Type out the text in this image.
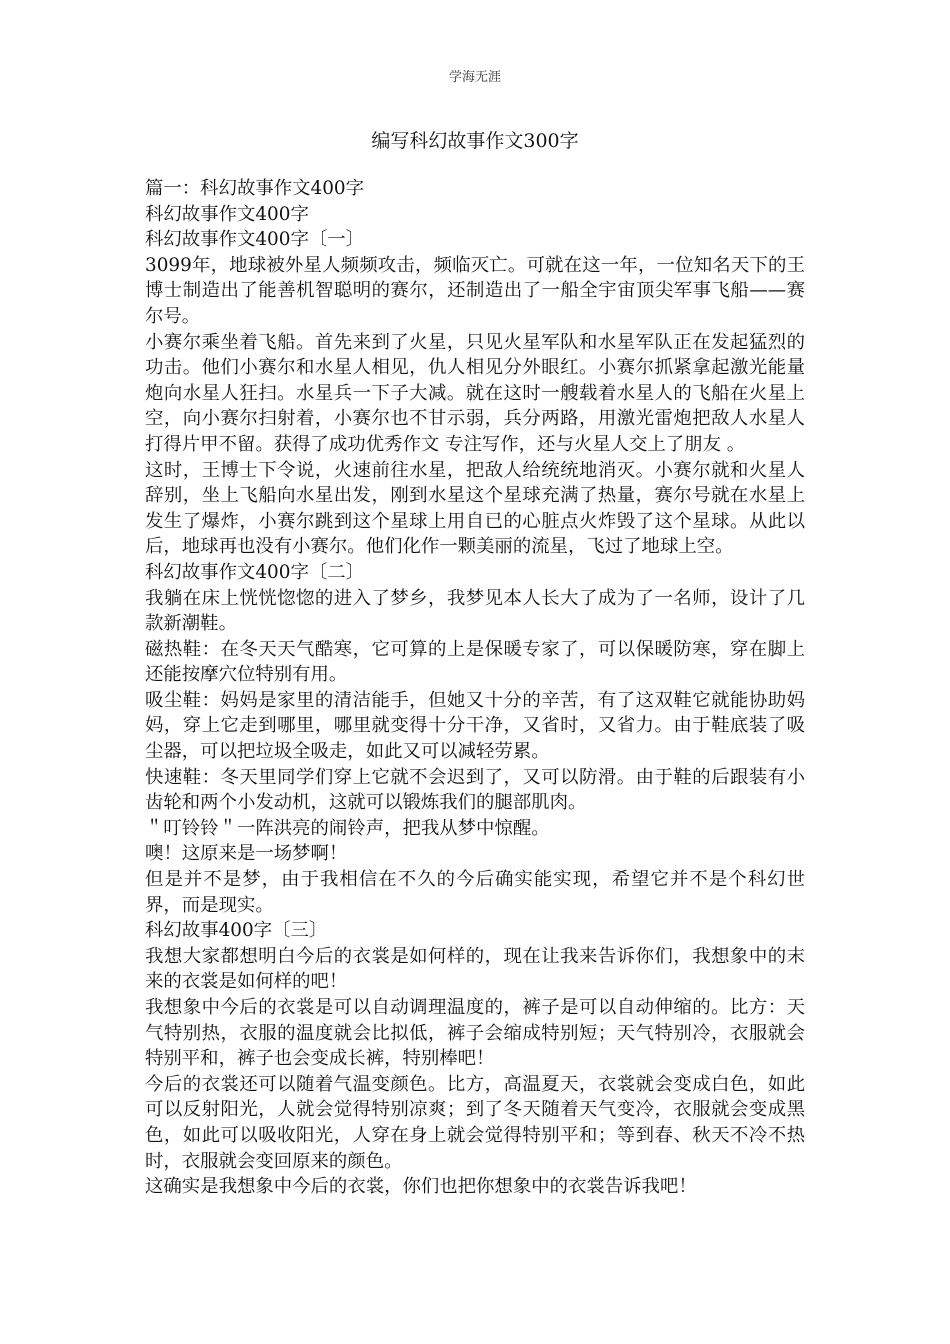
学海无涯
编写科幻故事作文300字

篇一：科幻故事作文400字

科幻故事作文400字

科幻故事作文400字〔一〕

3099年，地球被外星人频频攻击，频临灭亡。可就在这一年，一位知名天下的王博士制造出了能善机智聪明的赛尔，还制造出了一船全宇宙顶尖军事飞船——赛尔号。

小赛尔乘坐着飞船。首先来到了火星，只见火星军队和水星军队正在发起猛烈的功击。他们小赛尔和水星人相见，仇人相见分外眼红。小赛尔抓紧拿起激光能量炮向水星人狂扫。水星兵一下子大减。就在这时一艘载着水星人的飞船在火星上空，向小赛尔扫射着，小赛尔也不甘示弱，兵分两路，用激光雷炮把敌人水星人打得片甲不留。获得了成功优秀作文 专注写作，还与火星人交上了朋友 。

这时，王博士下令说，火速前往水星，把敌人给统统地消灭。小赛尔就和火星人辞别，坐上飞船向水星出发，刚到水星这个星球充满了热量，赛尔号就在水星上发生了爆炸，小赛尔跳到这个星球上用自已的心脏点火炸毁了这个星球。从此以后，地球再也没有小赛尔。他们化作一颗美丽的流星，飞过了地球上空。

科幻故事作文400字〔二〕

我躺在床上恍恍惚惚的进入了梦乡，我梦见本人长大了成为了一名师，设计了几款新潮鞋。

磁热鞋：在冬天天气酷寒，它可算的上是保暖专家了，可以保暖防寒，穿在脚上还能按摩穴位特别有用。

吸尘鞋：妈妈是家里的清洁能手，但她又十分的辛苦，有了这双鞋它就能协助妈妈，穿上它走到哪里，哪里就变得十分干净，又省时，又省力。由于鞋底装了吸尘器，可以把垃圾全吸走，如此又可以减轻劳累。

快速鞋：冬天里同学们穿上它就不会迟到了，又可以防滑。由于鞋的后跟装有小齿轮和两个小发动机，这就可以锻炼我们的腿部肌肉。

＂叮铃铃＂一阵洪亮的闹铃声，把我从梦中惊醒。

噢！这原来是一场梦啊！

但是并不是梦，由于我相信在不久的今后确实能实现，希望它并不是个科幻世界，而是现实。

科幻故事400字〔三〕

我想大家都想明白今后的衣裳是如何样的，现在让我来告诉你们，我想象中的末来的衣裳是如何样的吧！

我想象中今后的衣裳是可以自动调理温度的，裤子是可以自动伸缩的。比方：天气特别热，衣服的温度就会比拟低，裤子会缩成特别短；天气特别冷，衣服就会特别平和，裤子也会变成长裤，特别棒吧！

今后的衣裳还可以随着气温变颜色。比方，高温夏天，衣裳就会变成白色，如此可以反射阳光，人就会觉得特别凉爽；到了冬天随着天气变冷，衣服就会变成黑色，如此可以吸收阳光，人穿在身上就会觉得特别平和；等到春、秋天不冷不热时，衣服就会变回原来的颜色。

这确实是我想象中今后的衣裳，你们也把你想象中的衣裳告诉我吧！
